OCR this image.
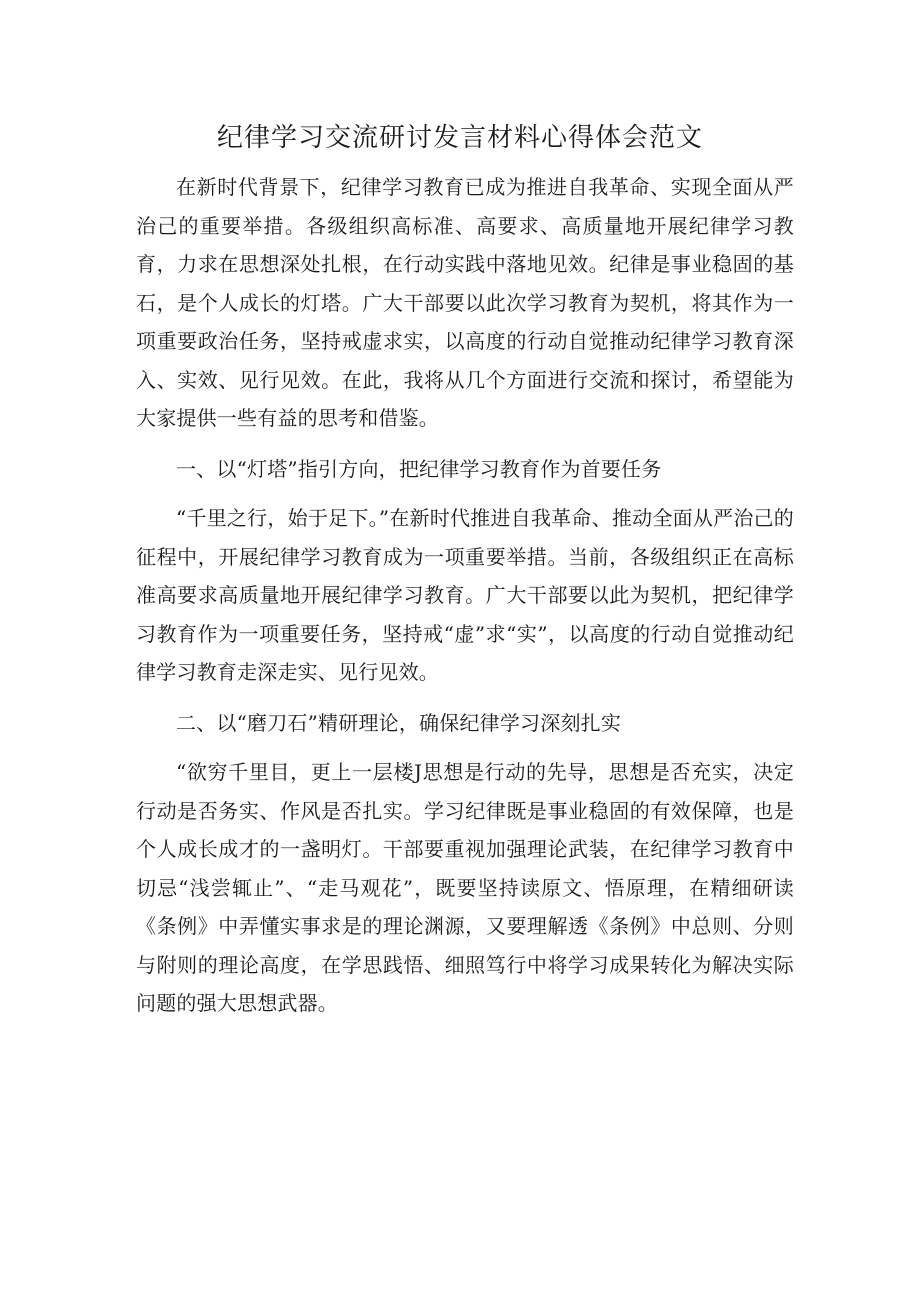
纪律学习交流研讨发言材料心得体会范文

在新时代背景下，纪律学习教育已成为推进自我革命、实现全面从严治己的重要举措。各级组织高标准、高要求、高质量地开展纪律学习教育，力求在思想深处扎根，在行动实践中落地见效。纪律是事业稳固的基石，是个人成长的灯塔。广大干部要以此次学习教育为契机，将其作为一项重要政治任务，坚持戒虚求实，以高度的行动自觉推动纪律学习教育深入、实效、见行见效。在此，我将从几个方面进行交流和探讨，希望能为大家提供一些有益的思考和借鉴。

一、以“灯塔”指引方向，把纪律学习教育作为首要任务

“千里之行，始于足下。”在新时代推进自我革命、推动全面从严治己的征程中，开展纪律学习教育成为一项重要举措。当前，各级组织正在高标准高要求高质量地开展纪律学习教育。广大干部要以此为契机，把纪律学习教育作为一项重要任务，坚持戒“虚”求“实”，以高度的行动自觉推动纪律学习教育走深走实、见行见效。

二、以“磨刀石”精研理论，确保纪律学习深刻扎实

“欲穷千里目，更上一层楼J思想是行动的先导，思想是否充实，决定行动是否务实、作风是否扎实。学习纪律既是事业稳固的有效保障，也是个人成长成才的一盏明灯。干部要重视加强理论武装，在纪律学习教育中切忌“浅尝辄止”、“走马观花”，既要坚持读原文、悟原理，在精细研读《条例》中弄懂实事求是的理论渊源，又要理解透《条例》中总则、分则与附则的理论高度，在学思践悟、细照笃行中将学习成果转化为解决实际问题的强大思想武器。
